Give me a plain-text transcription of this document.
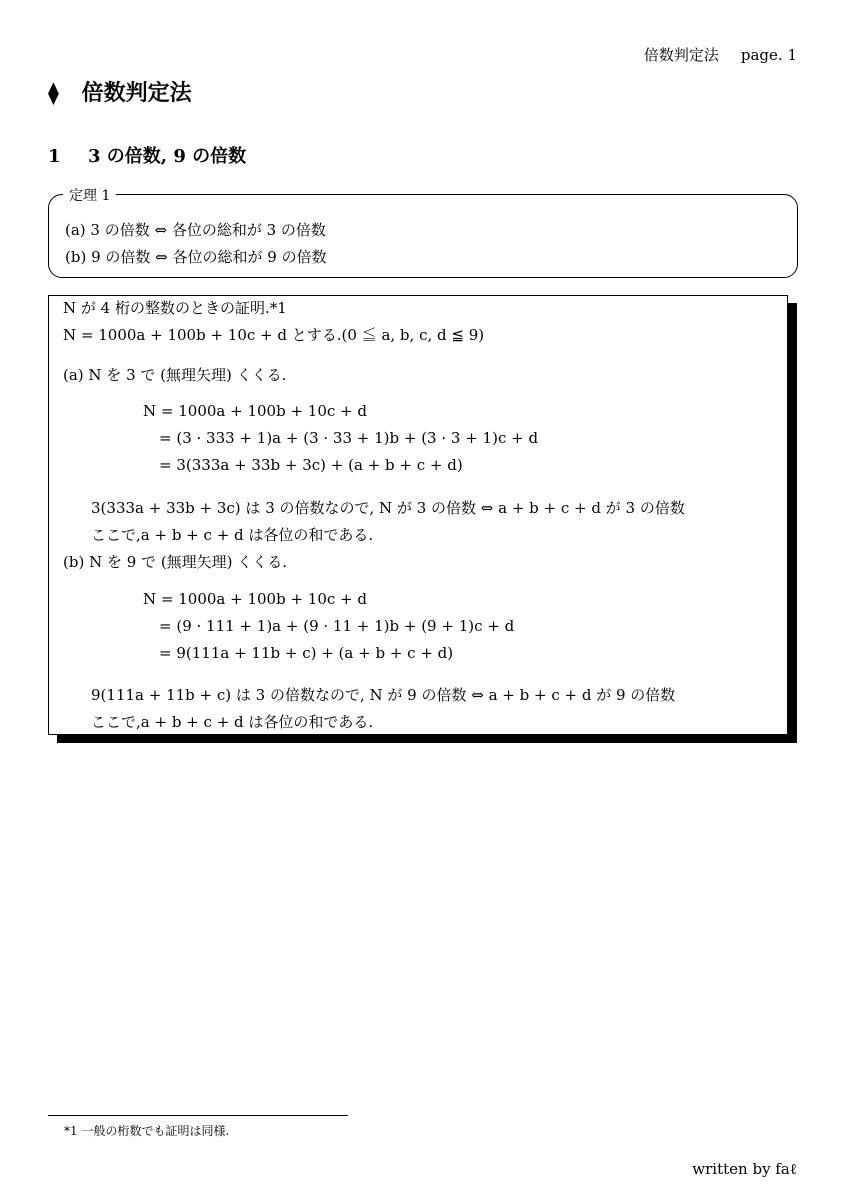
倍数判定法 page. 1
⧫ 倍数判定法
1 3 の倍数, 9 の倍数
定理 1
(a) 3 の倍数 ⇔ 各位の総和が 3 の倍数
(b) 9 の倍数 ⇔ 各位の総和が 9 の倍数
N が 4 桁の整数のときの証明.*1
N = 1000a + 100b + 10c + d とする.(0 ≦ a, b, c, d ≦ 9)
(a) N を 3 で (無理矢理) くくる.
N = 1000a + 100b + 10c + d
= (3 · 333 + 1)a + (3 · 33 + 1)b + (3 · 3 + 1)c + d
= 3(333a + 33b + 3c) + (a + b + c + d)
3(333a + 33b + 3c) は 3 の倍数なので, N が 3 の倍数 ⇔ a + b + c + d が 3 の倍数
ここで,a + b + c + d は各位の和である.
(b) N を 9 で (無理矢理) くくる.
N = 1000a + 100b + 10c + d
= (9 · 111 + 1)a + (9 · 11 + 1)b + (9 + 1)c + d
= 9(111a + 11b + c) + (a + b + c + d)
9(111a + 11b + c) は 3 の倍数なので, N が 9 の倍数 ⇔ a + b + c + d が 9 の倍数
ここで,a + b + c + d は各位の和である.
*1 一般の桁数でも証明は同様.
written by faℓ
